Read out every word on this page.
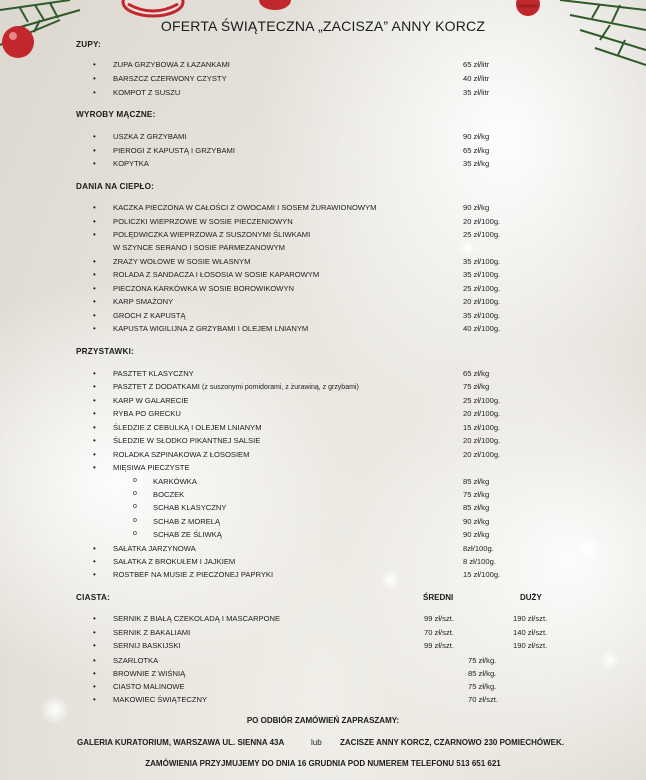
OFERTA ŚWIĄTECZNA „ZACISZA” ANNY KORCZ
ZUPY:
• ZUPA GRZYBOWA Z ŁAZANKAMI	65 zł/litr
• BARSZCZ CZERWONY CZYSTY	40 zł/litr
• KOMPOT Z SUSZU	35 zł/litr
WYROBY MĄCZNE:
• USZKA Z GRZYBAMI	90 zł/kg
• PIEROGI Z KAPUSTĄ I GRZYBAMI	65 zł/kg
• KOPYTKA	35 zł/kg
DANIA NA CIEPŁO:
• KACZKA PIECZONA W CAŁOŚCI Z OWOCAMI I SOSEM ŻURAWIONOWYM	90 zł/kg
• POLICZKI WIEPRZOWE W SOSIE PIECZENIOWYN	20 zł/100g.
• POLĘDWICZKA WIEPRZOWA Z SUSZONYMI ŚLIWKAMI	25 zł/100g.
W SZYNCE SERANO I SOSIE PARMEZANOWYM
• ZRAZY WOŁOWE W SOSIE WŁASNYM	35 zł/100g.
• ROLADA Z SANDACZA I ŁOSOSIA W SOSIE KAPAROWYM	35 zł/100g.
• PIECZONA KARKÓWKA W SOSIE BOROWIKOWYN	25 zł/100g.
• KARP SMAŻONY	20 zł/100g.
• GROCH Z KAPUSTĄ	35 zł/100g.
• KAPUSTA WIGILIJNA Z GRZYBAMI I OLEJEM LNIANYM	40 zł/100g.
PRZYSTAWKI:
• PASZTET KLASYCZNY	65 zł/kg
• PASZTET Z DODATKAMI (z suszonymi pomidorami, z żurawiną, z grzybami)	75 zł/kg
• KARP W GALARECIE	25 zł/100g.
• RYBA PO GRECKU	20 zł/100g.
• ŚLEDZIE Z CEBULKĄ I OLEJEM LNIANYM	15 zł/100g.
• ŚLEDZIE W SŁODKO PIKANTNEJ SALSIE	20 zł/100g.
• ROLADKA SZPINAKOWA Z ŁOSOSIEM	20 zł/100g.
• MIĘSIWA PIECZYSTE
o KARKÓWKA	85 zł/kg
o BOCZEK	75 zł/kg
o SCHAB KLASYCZNY	85 zł/kg
o SCHAB Z MORELĄ	90 zł/kg
o SCHAB ZE ŚLIWKĄ	90 zł/kg
• SAŁATKA JARZYNOWA	8zł/100g.
• SAŁATKA Z BROKUŁEM I JAJKIEM	8 zł/100g.
• ROSTBEF NA MUSIE Z PIECZONEJ PAPRYKI	15 zł/100g.
CIASTA:	ŚREDNI	DUŻY
• SERNIK Z BIAŁĄ CZEKOLADĄ I MASCARPONE	99 zł/szt.	190 zł/szt.
• SERNIK Z BAKALIAMI	70 zł/szt.	140 zł/szt.
• SERNIJ BASKIJSKI	99 zł/szt.	190 zł/szt.
• SZARLOTKA	75 zł/kg.
• BROWNIE Z WIŚNIĄ	85 zł/kg.
• CIASTO MALINOWE	75 zł/kg.
• MAKOWIEC ŚWIĄTECZNY	70 zł/szt.
PO ODBIÓR ZAMÓWIEŃ ZAPRASZAMY:
GALERIA KURATORIUM, WARSZAWA UL. SIENNA 43A	lub ZACISZE ANNY KORCZ, CZARNOWO 230 POMIECHÓWEK.
ZAMÓWIENIA PRZYJMUJEMY DO DNIA 16 GRUDNIA POD NUMEREM TELEFONU 513 651 621
